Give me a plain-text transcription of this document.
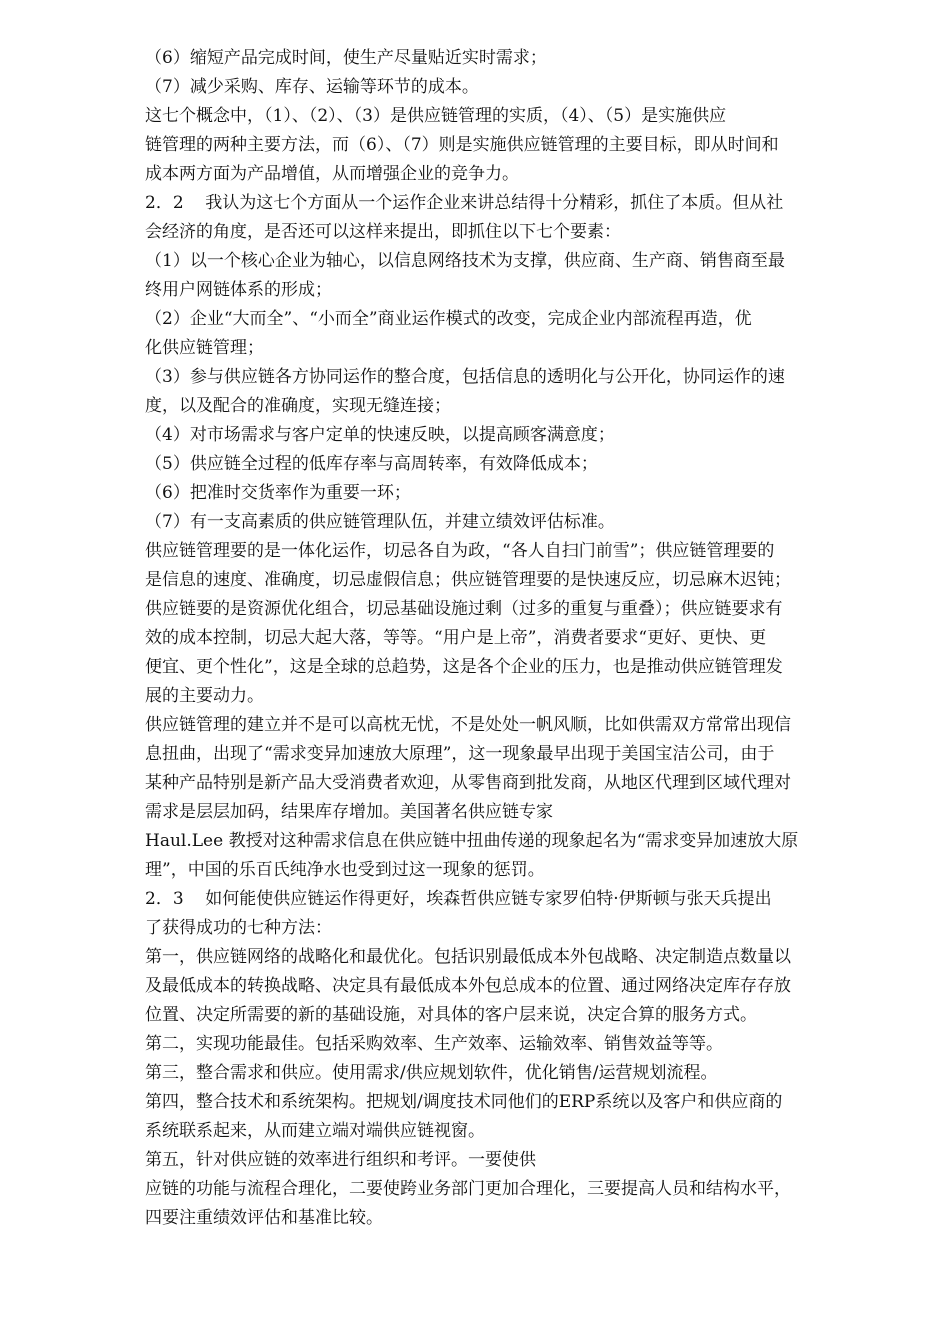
（6）缩短产品完成时间，使生产尽量贴近实时需求；
（7）减少采购、库存、运输等环节的成本。
这七个概念中，（1）、（2）、（3）是供应链管理的实质，（4）、（5）是实施供应
链管理的两种主要方法，而（6）、（7）则是实施供应链管理的主要目标，即从时间和
成本两方面为产品增值，从而增强企业的竞争力。
2．2    我认为这七个方面从一个运作企业来讲总结得十分精彩，抓住了本质。但从社
会经济的角度，是否还可以这样来提出，即抓住以下七个要素：
（1）以一个核心企业为轴心，以信息网络技术为支撑，供应商、生产商、销售商至最
终用户网链体系的形成；
（2）企业“大而全”、“小而全”商业运作模式的改变，完成企业内部流程再造，优
化供应链管理；
（3）参与供应链各方协同运作的整合度，包括信息的透明化与公开化，协同运作的速
度，以及配合的准确度，实现无缝连接；
（4）对市场需求与客户定单的快速反映，以提高顾客满意度；
（5）供应链全过程的低库存率与高周转率，有效降低成本；
（6）把准时交货率作为重要一环；
（7）有一支高素质的供应链管理队伍，并建立绩效评估标准。
供应链管理要的是一体化运作，切忌各自为政，“各人自扫门前雪”；供应链管理要的
是信息的速度、准确度，切忌虚假信息；供应链管理要的是快速反应，切忌麻木迟钝；
供应链要的是资源优化组合，切忌基础设施过剩（过多的重复与重叠）；供应链要求有
效的成本控制，切忌大起大落，等等。“用户是上帝”，消费者要求“更好、更快、更
便宜、更个性化”，这是全球的总趋势，这是各个企业的压力，也是推动供应链管理发
展的主要动力。
供应链管理的建立并不是可以高枕无忧，不是处处一帆风顺，比如供需双方常常出现信
息扭曲，出现了“需求变异加速放大原理”，这一现象最早出现于美国宝洁公司，由于
某种产品特别是新产品大受消费者欢迎，从零售商到批发商，从地区代理到区域代理对
需求是层层加码，结果库存增加。美国著名供应链专家
Haul.Lee 教授对这种需求信息在供应链中扭曲传递的现象起名为“需求变异加速放大原
理”，中国的乐百氏纯净水也受到过这一现象的惩罚。
2．3    如何能使供应链运作得更好，埃森哲供应链专家罗伯特·伊斯顿与张天兵提出
了获得成功的七种方法：
第一，供应链网络的战略化和最优化。包括识别最低成本外包战略、决定制造点数量以
及最低成本的转换战略、决定具有最低成本外包总成本的位置、通过网络决定库存存放
位置、决定所需要的新的基础设施，对具体的客户层来说，决定合算的服务方式。
第二，实现功能最佳。包括采购效率、生产效率、运输效率、销售效益等等。
第三，整合需求和供应。使用需求/供应规划软件，优化销售/运营规划流程。
第四，整合技术和系统架构。把规划/调度技术同他们的ERP系统以及客户和供应商的
系统联系起来，从而建立端对端供应链视窗。
第五，针对供应链的效率进行组织和考评。一要使供
应链的功能与流程合理化，二要使跨业务部门更加合理化，三要提高人员和结构水平，
四要注重绩效评估和基准比较。
